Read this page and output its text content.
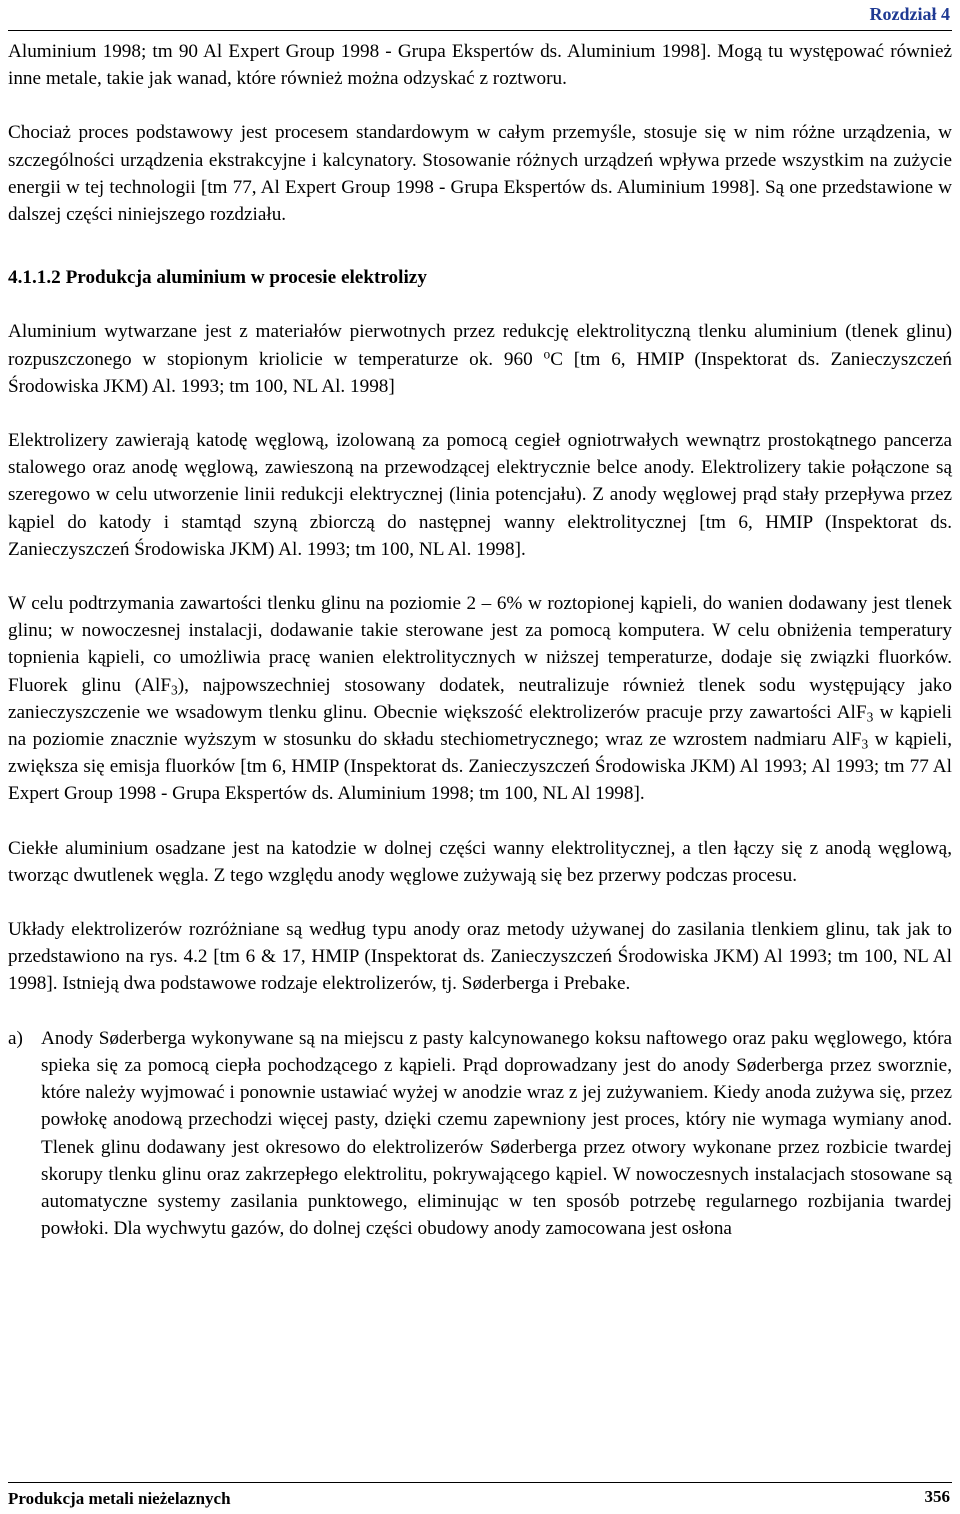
Rozdział 4

Aluminium 1998; tm 90 Al Expert Group 1998 - Grupa Ekspertów ds. Aluminium 1998]. Mogą tu występować również inne metale, takie jak wanad, które również można odzyskać z roztworu.

Chociaż proces podstawowy jest procesem standardowym w całym przemyśle, stosuje się w nim różne urządzenia, w szczególności urządzenia ekstrakcyjne i kalcynatory. Stosowanie różnych urządzeń wpływa przede wszystkim na zużycie energii w tej technologii [tm 77, Al Expert Group 1998 - Grupa Ekspertów ds. Aluminium 1998]. Są one przedstawione w dalszej części niniejszego rozdziału.

4.1.1.2 Produkcja aluminium w procesie elektrolizy

Aluminium wytwarzane jest z materiałów pierwotnych przez redukcję elektrolityczną tlenku aluminium (tlenek glinu) rozpuszczonego w stopionym kriolicie w temperaturze ok. 960 $^o$C [tm 6, HMIP (Inspektorat ds. Zanieczyszczeń Środowiska JKM) Al. 1993; tm 100, NL Al. 1998]

Elektrolizery zawierają katodę węglową, izolowaną za pomocą cegieł ogniotrwałych wewnątrz prostokątnego pancerza stalowego oraz anodę węglową, zawieszoną na przewodzącej elektrycznie belce anody. Elektrolizery takie połączone są szeregowo w celu utworzenie linii redukcji elektrycznej (linia potencjału). Z anody węglowej prąd stały przepływa przez kąpiel do katody i stamtąd szyną zbiorczą do następnej wanny elektrolitycznej [tm 6, HMIP (Inspektorat ds. Zanieczyszczeń Środowiska JKM) Al. 1993; tm 100, NL Al. 1998].

W celu podtrzymania zawartości tlenku glinu na poziomie 2 – 6% w roztopionej kąpieli, do wanien dodawany jest tlenek glinu; w nowoczesnej instalacji, dodawanie takie sterowane jest za pomocą komputera. W celu obniżenia temperatury topnienia kąpieli, co umożliwia pracę wanien elektrolitycznych w niższej temperaturze, dodaje się związki fluorków. Fluorek glinu (AlF$_3$), najpowszechniej stosowany dodatek, neutralizuje również tlenek sodu występujący jako zanieczyszczenie we wsadowym tlenku glinu. Obecnie większość elektrolizerów pracuje przy zawartości AlF$_3$ w kąpieli na poziomie znacznie wyższym w stosunku do składu stechiometrycznego; wraz ze wzrostem nadmiaru AlF$_3$ w kąpieli, zwiększa się emisja fluorków [tm 6, HMIP (Inspektorat ds. Zanieczyszczeń Środowiska JKM) Al 1993; Al 1993; tm 77 Al Expert Group 1998 - Grupa Ekspertów ds. Aluminium 1998; tm 100, NL Al 1998].

Ciekłe aluminium osadzane jest na katodzie w dolnej części wanny elektrolitycznej, a tlen łączy się z anodą węglową, tworząc dwutlenek węgla. Z tego względu anody węglowe zużywają się bez przerwy podczas procesu.

Układy elektrolizerów rozróżniane są według typu anody oraz metody używanej do zasilania tlenkiem glinu, tak jak to przedstawiono na rys. 4.2 [tm 6 & 17, HMIP (Inspektorat ds. Zanieczyszczeń Środowiska JKM) Al 1993; tm 100, NL Al 1998]. Istnieją dwa podstawowe rodzaje elektrolizerów, tj. Søderberga i Prebake.

a) Anody Søderberga wykonywane są na miejscu z pasty kalcynowanego koksu naftowego oraz paku węglowego, która spieka się za pomocą ciepła pochodzącego z kąpieli. Prąd doprowadzany jest do anody Søderberga przez sworznie, które należy wyjmować i ponownie ustawiać wyżej w anodzie wraz z jej zużywaniem. Kiedy anoda zużywa się, przez powłokę anodową przechodzi więcej pasty, dzięki czemu zapewniony jest proces, który nie wymaga wymiany anod. Tlenek glinu dodawany jest okresowo do elektrolizerów Søderberga przez otwory wykonane przez rozbicie twardej skorupy tlenku glinu oraz zakrzepłego elektrolitu, pokrywającego kąpiel. W nowoczesnych instalacjach stosowane są automatyczne systemy zasilania punktowego, eliminując w ten sposób potrzebę regularnego rozbijania twardej powłoki. Dla wychwytu gazów, do dolnej części obudowy anody zamocowana jest osłona

Produkcja metali nieżelaznych	356
